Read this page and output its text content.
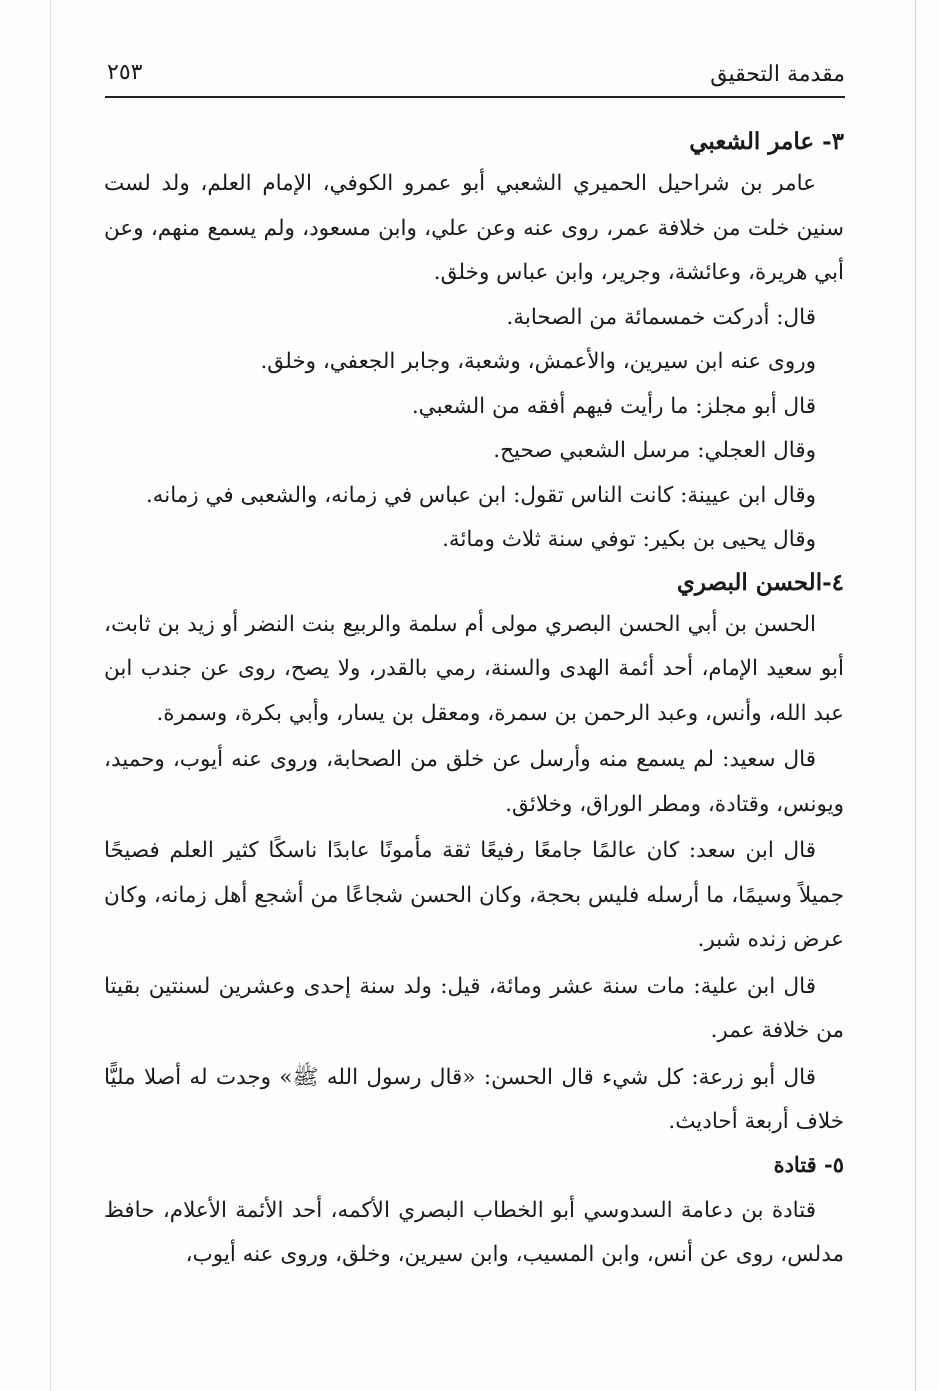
مقدمة التحقيق
٢٥٣
٣- عامر الشعبي

عامر بن شراحيل الحميري الشعبي أبو عمرو الكوفي، الإمام العلم، ولد لست سنين خلت من خلافة عمر، روى عنه وعن علي، وابن مسعود، ولم يسمع منهم، وعن أبي هريرة، وعائشة، وجرير، وابن عباس وخلق.

قال: أدركت خمسمائة من الصحابة.

وروى عنه ابن سيرين، والأعمش، وشعبة، وجابر الجعفي، وخلق.

قال أبو مجلز: ما رأيت فيهم أفقه من الشعبي.

وقال العجلي: مرسل الشعبي صحيح.

وقال ابن عيينة: كانت الناس تقول: ابن عباس في زمانه، والشعبى في زمانه.

وقال يحيى بن بكير: توفي سنة ثلاث ومائة.

٤-الحسن البصري

الحسن بن أبي الحسن البصري مولى أم سلمة والربيع بنت النضر أو زيد بن ثابت، أبو سعيد الإمام، أحد أئمة الهدى والسنة، رمي بالقدر، ولا يصح، روى عن جندب ابن عبد الله، وأنس، وعبد الرحمن بن سمرة، ومعقل بن يسار، وأبي بكرة، وسمرة.

قال سعيد: لم يسمع منه وأرسل عن خلق من الصحابة، وروى عنه أيوب، وحميد، ويونس، وقتادة، ومطر الوراق، وخلائق.

قال ابن سعد: كان عالمًا جامعًا رفيعًا ثقة مأمونًا عابدًا ناسكًا كثير العلم فصيحًا جميلاً وسيمًا، ما أرسله فليس بحجة، وكان الحسن شجاعًا من أشجع أهل زمانه، وكان عرض زنده شبر.

قال ابن علية: مات سنة عشر ومائة، قيل: ولد سنة إحدى وعشرين لسنتين بقيتا من خلافة عمر.

قال أبو زرعة: كل شيء قال الحسن: «قال رسول الله ﷺ» وجدت له أصلا مليًّا خلاف أربعة أحاديث.

٥- قتادة

قتادة بن دعامة السدوسي أبو الخطاب البصري الأكمه، أحد الأئمة الأعلام، حافظ مدلس، روى عن أنس، وابن المسيب، وابن سيرين، وخلق، وروى عنه أيوب،
